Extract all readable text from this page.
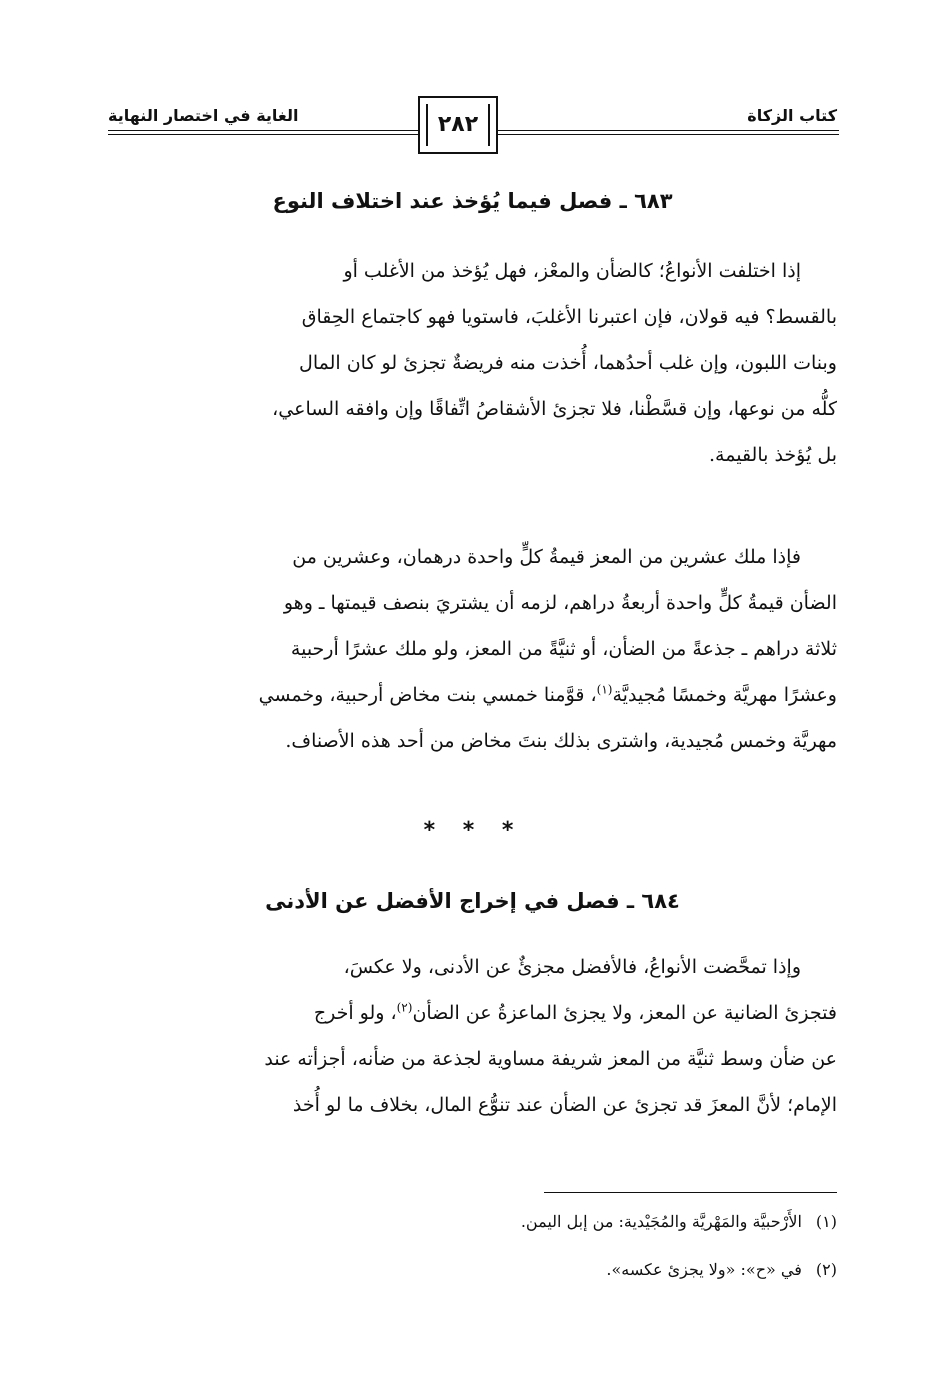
كتاب الزكاة
الغاية في اختصار النهاية	٢٨٢
٦٨٣ ـ فصل فيما يُؤخذ عند اختلاف النوع
إذا اختلفت الأنواعُ؛ كالضأن والمعْز، فهل يُؤخذ من الأغلب أو
بالقسط؟ فيه قولان، فإن اعتبرنا الأغلبَ، فاستويا فهو كاجتماع الحِقاق
وبنات اللبون، وإن غلب أحدُهما، أُخذت منه فريضةٌ تجزئ لو كان المال
كلُّه من نوعها، وإن قسَّطْنا، فلا تجزئ الأشقاصُ اتِّفاقًا وإن وافقه الساعي،
بل يُؤخذ بالقيمة.
فإذا ملك عشرين من المعز قيمةُ كلٍّ واحدة درهمان، وعشرين من
الضأن قيمةُ كلٍّ واحدة أربعةُ دراهم، لزمه أن يشتريَ بنصف قيمتها ـ وهو
ثلاثة دراهم ـ جذعةً من الضأن، أو ثنيَّةً من المعز، ولو ملك عشرًا أرحبية
وعشرًا مهريَّة وخمسًا مُجيديَّة$^{(١)}$، قوَّمنا خمسي بنت مخاض أرحبية، وخمسي
مهريَّة وخمس مُجيدية، واشترى بذلك بنتَ مخاض من أحد هذه الأصناف.
* * *
٦٨٤ ـ فصل في إخراج الأفضل عن الأدنى
وإذا تمحَّضت الأنواعُ، فالأفضل مجزئٌ عن الأدنى، ولا عكسَ،
فتجزئ الضانية عن المعز، ولا يجزئ الماعزةُ عن الضأن$^{(٢)}$، ولو أخرج
عن ضأن وسط ثنيَّة من المعز شريفة مساوية لجذعة من ضأنه، أجزأته عند
الإمام؛ لأنَّ المعزَ قد تجزئ عن الضأن عند تنوُّع المال، بخلاف ما لو أُخذ
(١)الأَرْحبيَّة والمَهْريَّة والمُجَيْدية: من إبل اليمن.
(٢)في «ح»: «ولا يجزئ عكسه».
